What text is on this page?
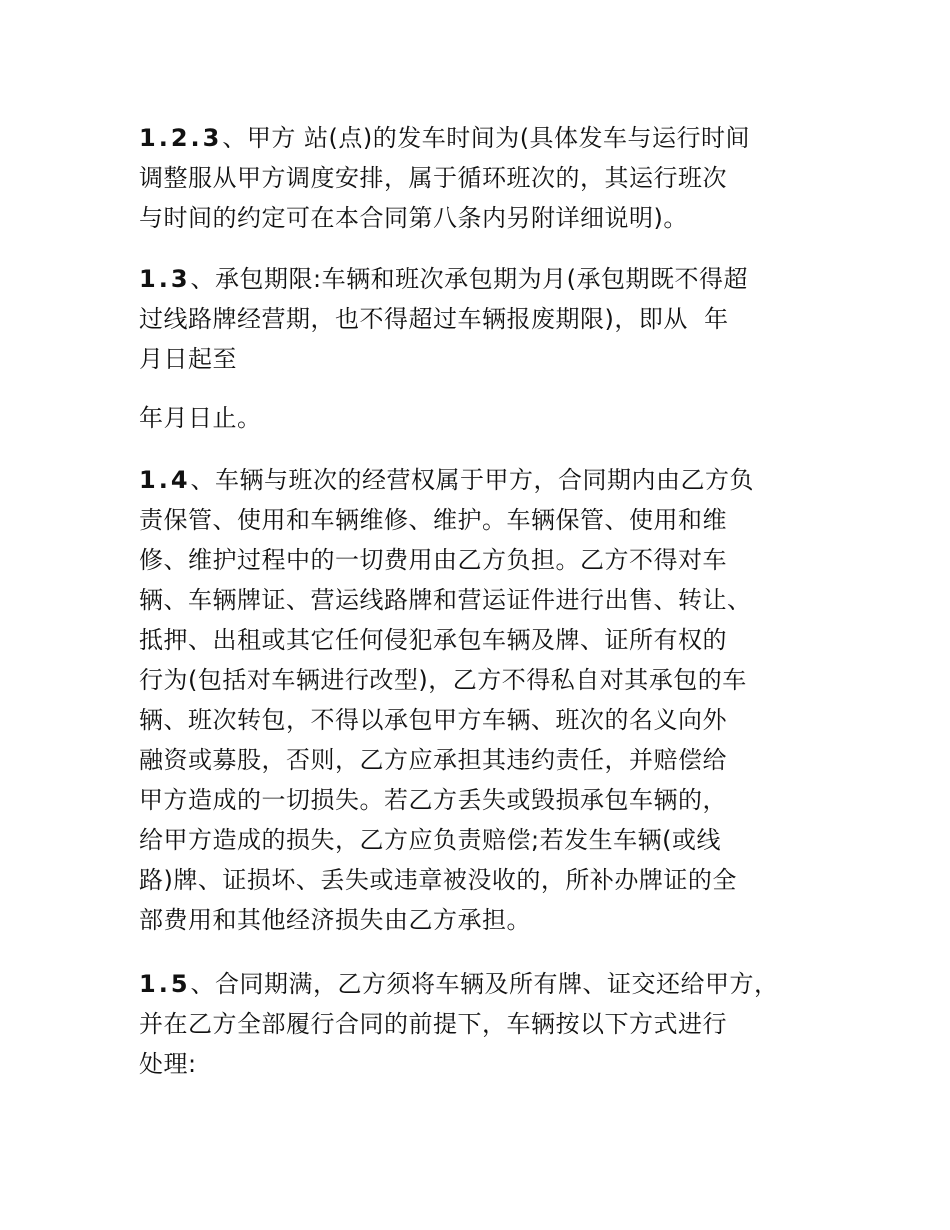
1.2.3、甲方 站(点)的发车时间为(具体发车与运行时间
调整服从甲方调度安排，属于循环班次的，其运行班次
与时间的约定可在本合同第八条内另附详细说明)。
1.3、承包期限:车辆和班次承包期为月(承包期既不得超
过线路牌经营期，也不得超过车辆报废期限)，即从  年
月日起至
年月日止。
1.4、车辆与班次的经营权属于甲方，合同期内由乙方负
责保管、使用和车辆维修、维护。车辆保管、使用和维
修、维护过程中的一切费用由乙方负担。乙方不得对车
辆、车辆牌证、营运线路牌和营运证件进行出售、转让、
抵押、出租或其它任何侵犯承包车辆及牌、证所有权的
行为(包括对车辆进行改型)，乙方不得私自对其承包的车
辆、班次转包，不得以承包甲方车辆、班次的名义向外
融资或募股，否则，乙方应承担其违约责任，并赔偿给
甲方造成的一切损失。若乙方丢失或毁损承包车辆的，
给甲方造成的损失，乙方应负责赔偿;若发生车辆(或线
路)牌、证损坏、丢失或违章被没收的，所补办牌证的全
部费用和其他经济损失由乙方承担。
1.5、合同期满，乙方须将车辆及所有牌、证交还给甲方，
并在乙方全部履行合同的前提下，车辆按以下方式进行
处理:
